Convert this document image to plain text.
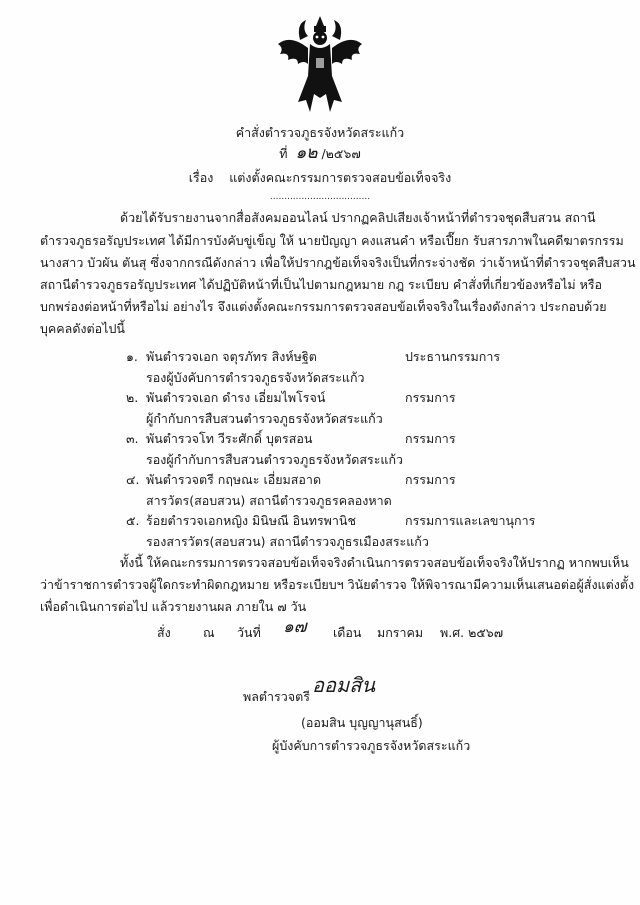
คำสั่งตำรวจภูธรจังหวัดสระแก้ว
ที่ ๑๒ /๒๕๖๗
เรื่อง แต่งตั้งคณะกรรมการตรวจสอบข้อเท็จจริง
...................................
ด้วยได้รับรายงานจากสื่อสังคมออนไลน์ ปรากฏคลิปเสียงเจ้าหน้าที่ตำรวจชุดสืบสวน สถานี
ตำรวจภูธรอรัญประเทศ ได้มีการบังคับขู่เข็ญ ให้ นายปัญญา คงแสนคำ หรือเปี๊ยก รับสารภาพในคดีฆาตรกรรม
นางสาว บัวผัน ตันสุ ซึ่งจากกรณีดังกล่าว เพื่อให้ปรากฎข้อเท็จจริงเป็นที่กระจ่างชัด ว่าเจ้าหน้าที่ตำรวจชุดสืบสวน
สถานีตำรวจภูธรอรัญประเทศ ได้ปฏิบัติหน้าที่เป็นไปตามกฎหมาย กฎ ระเบียบ คำสั่งที่เกี่ยวข้องหรือไม่ หรือ
บกพร่องต่อหน้าที่หรือไม่ อย่างไร จึงแต่งตั้งคณะกรรมการตรวจสอบข้อเท็จจริงในเรื่องดังกล่าว ประกอบด้วย
บุคคลดังต่อไปนี้
๑. พันตำรวจเอก จตุรภัทร สิงห์ษฐิต	ประธานกรรมการ
รองผู้บังคับการตำรวจภูธรจังหวัดสระแก้ว
๒. พันตำรวจเอก ดำรง เอี่ยมไพโรจน์	กรรมการ
ผู้กำกับการสืบสวนตำรวจภูธรจังหวัดสระแก้ว
๓. พันตำรวจโท วีระศักดิ์ บุตรสอน	กรรมการ
รองผู้กำกับการสืบสวนตำรวจภูธรจังหวัดสระแก้ว
๔. พันตำรวจตรี กฤษณะ เอี่ยมสอาด	กรรมการ
สารวัตร(สอบสวน) สถานีตำรวจภูธรคลองหาด
๕. ร้อยตำรวจเอกหญิง มินิษณี อินทรพานิช	กรรมการและเลขานุการ
รองสารวัตร(สอบสวน) สถานีตำรวจภูธรเมืองสระแก้ว
ทั้งนี้ ให้คณะกรรมการตรวจสอบข้อเท็จจริงดำเนินการตรวจสอบข้อเท็จจริงให้ปรากฏ หากพบเห็น
ว่าข้าราชการตำรวจผู้ใดกระทำผิดกฎหมาย หรือระเบียบฯ วินัยตำรวจ ให้พิจารณามีความเห็นเสนอต่อผู้สั่งแต่งตั้ง
เพื่อดำเนินการต่อไป แล้วรายงานผล ภายใน ๗ วัน
สั่ง	ณ วันที่ ๑๗ เดือน มกราคม พ.ศ. ๒๕๖๗
พลตำรวจตรี ออมสิน
(ออมสิน บุญญานุสนธิ์)
ผู้บังคับการตำรวจภูธรจังหวัดสระแก้ว
